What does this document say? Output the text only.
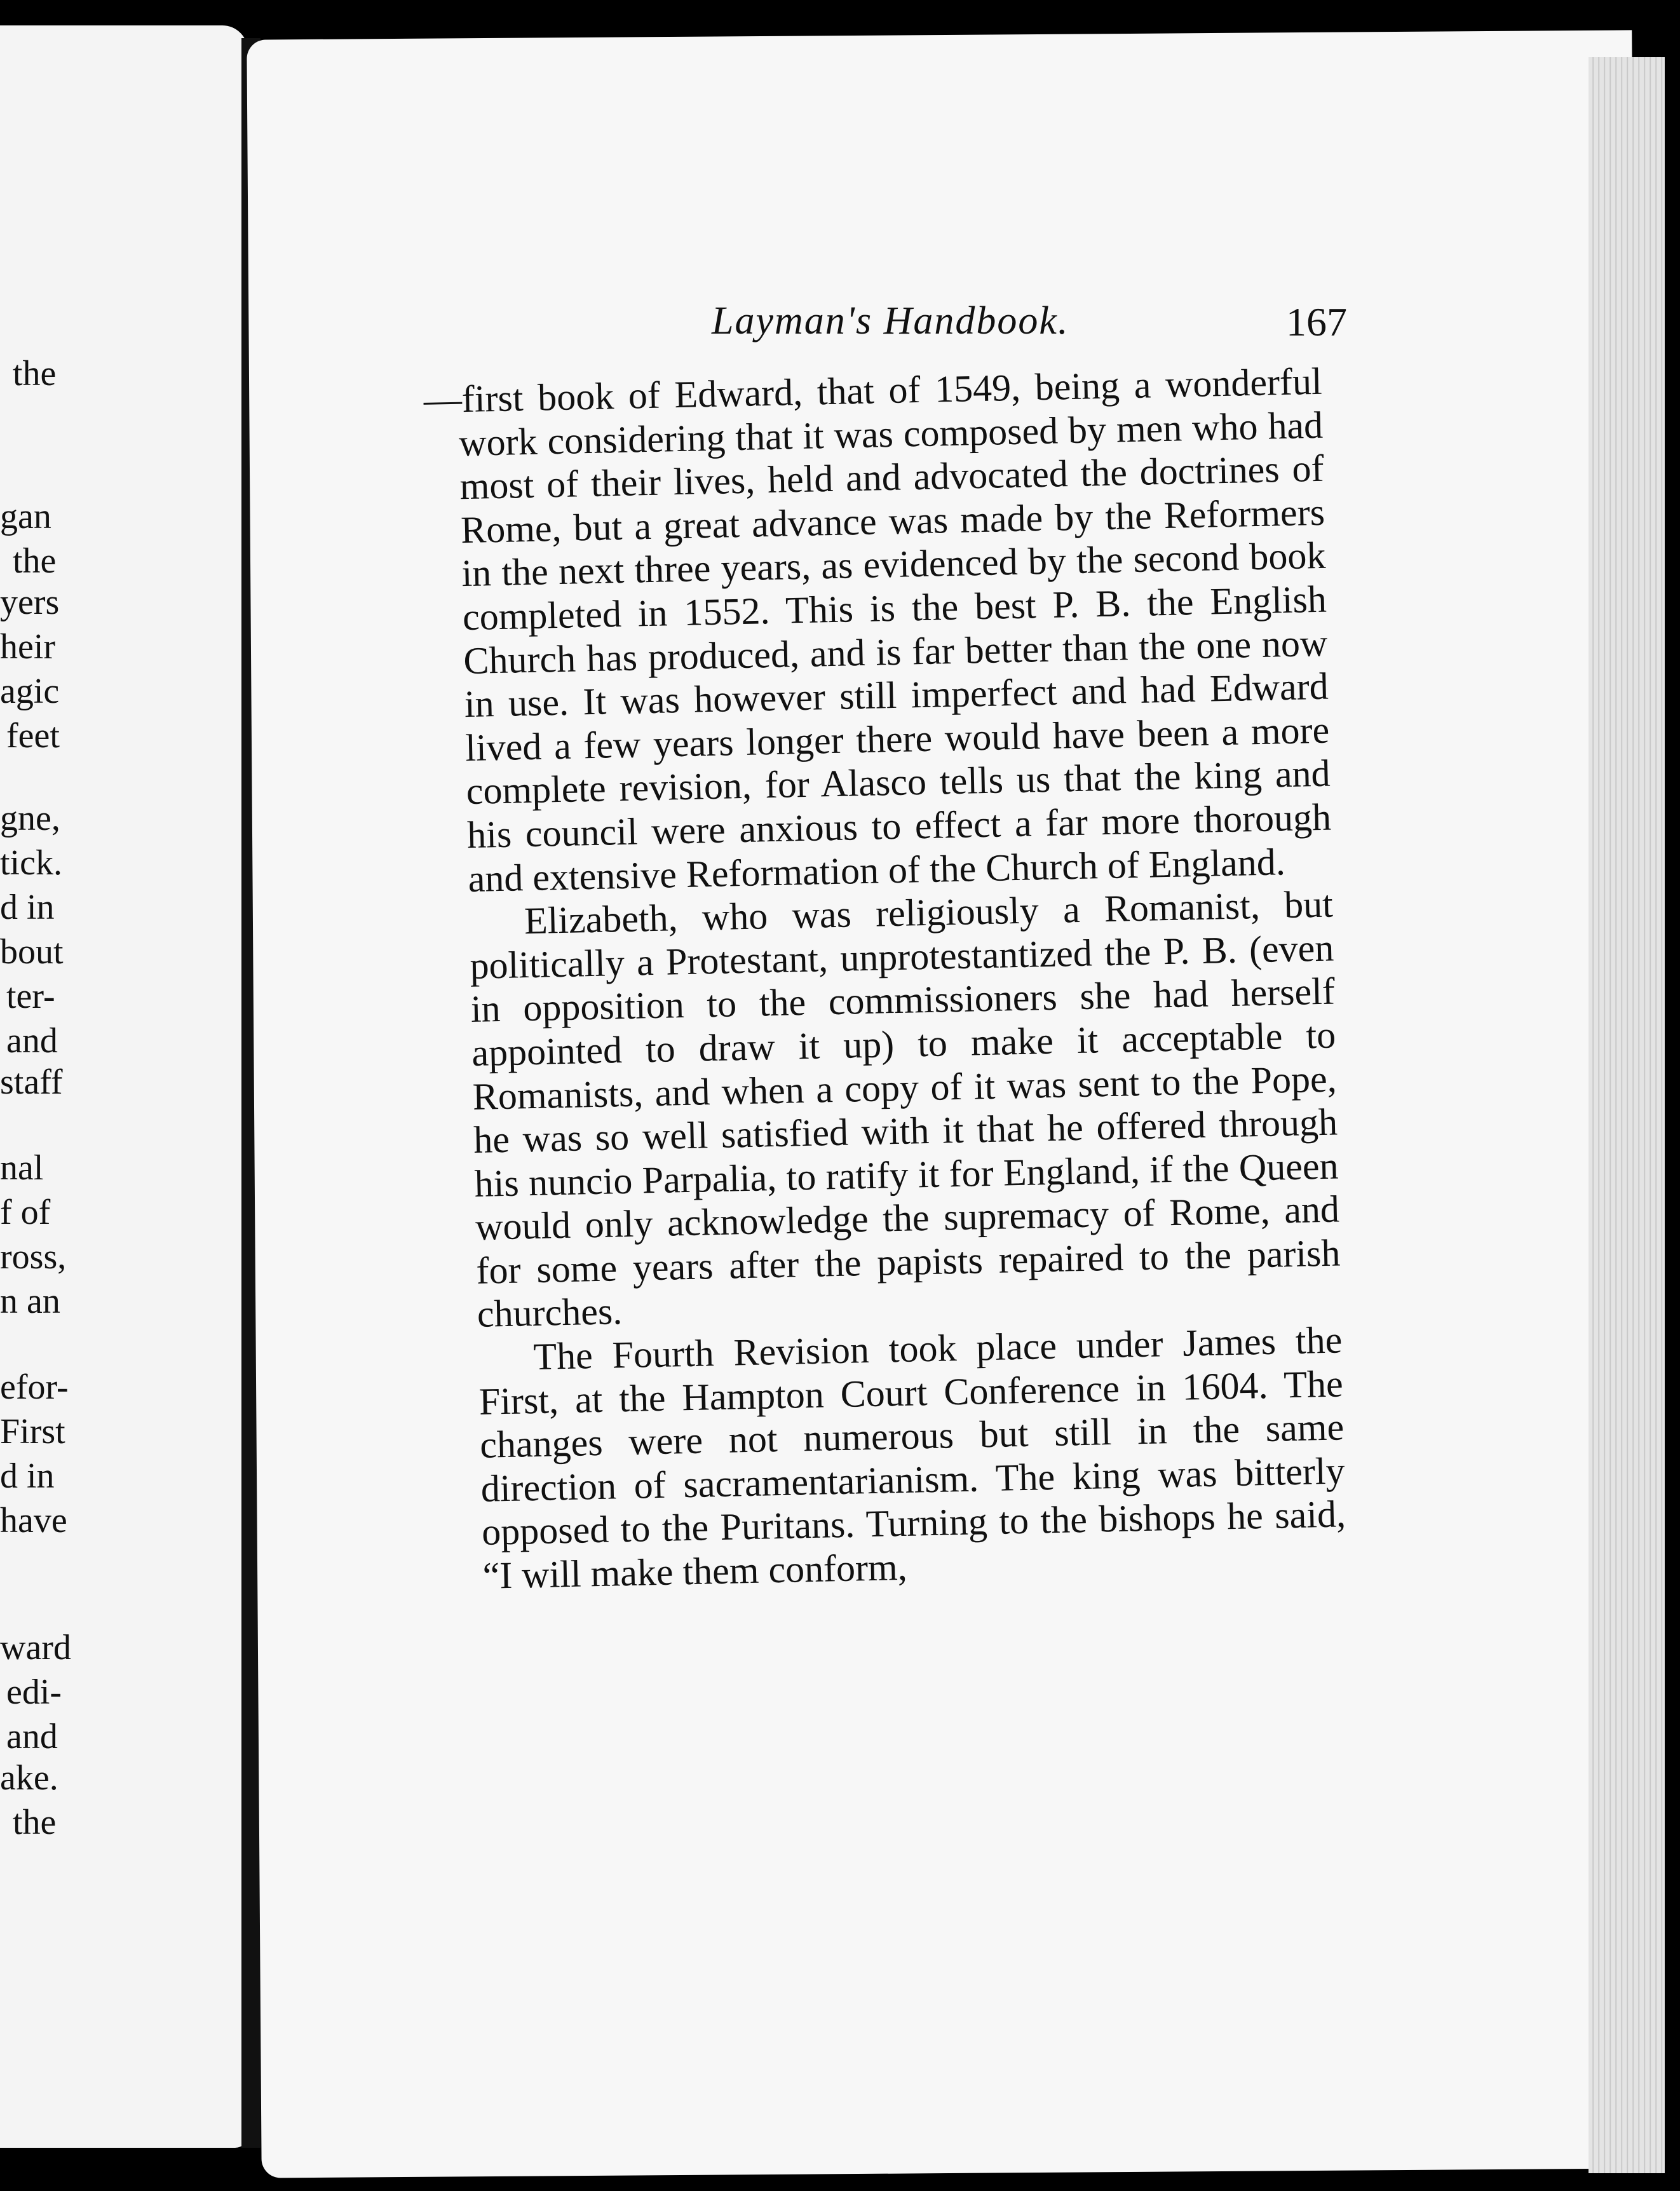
the
gan
the
yers
heir
agic
feet
gne,
tick.
d in
bout
ter-
and
staff
nal
f of
ross,
n an
efor-
First
d in
have
ward
edi-
and
ake.
the
Layman's Handbook.	167

—first book of Edward, that of 1549, being a wonderful work considering that it was composed by men who had most of their lives, held and advocated the doctrines of Rome, but a great advance was made by the Reformers in the next three years, as evidenced by the second book completed in 1552. This is the best P. B. the English Church has produced, and is far better than the one now in use. It was however still imperfect and had Edward lived a few years longer there would have been a more complete revision, for Alasco tells us that the king and his council were anxious to effect a far more thorough and extensive Reformation of the Church of England.

Elizabeth, who was religiously a Romanist, but politically a Protestant, unprotestantized the P. B. (even in opposition to the commissioners she had herself appointed to draw it up) to make it acceptable to Romanists, and when a copy of it was sent to the Pope, he was so well satisfied with it that he offered through his nuncio Parpalia, to ratify it for England, if the Queen would only acknowledge the supremacy of Rome, and for some years after the papists repaired to the parish churches.

The Fourth Revision took place under James the First, at the Hampton Court Conference in 1604. The changes were not numerous but still in the same direction of sacramentarianism. The king was bitterly opposed to the Puritans. Turning to the bishops he said, “I will make them conform,
